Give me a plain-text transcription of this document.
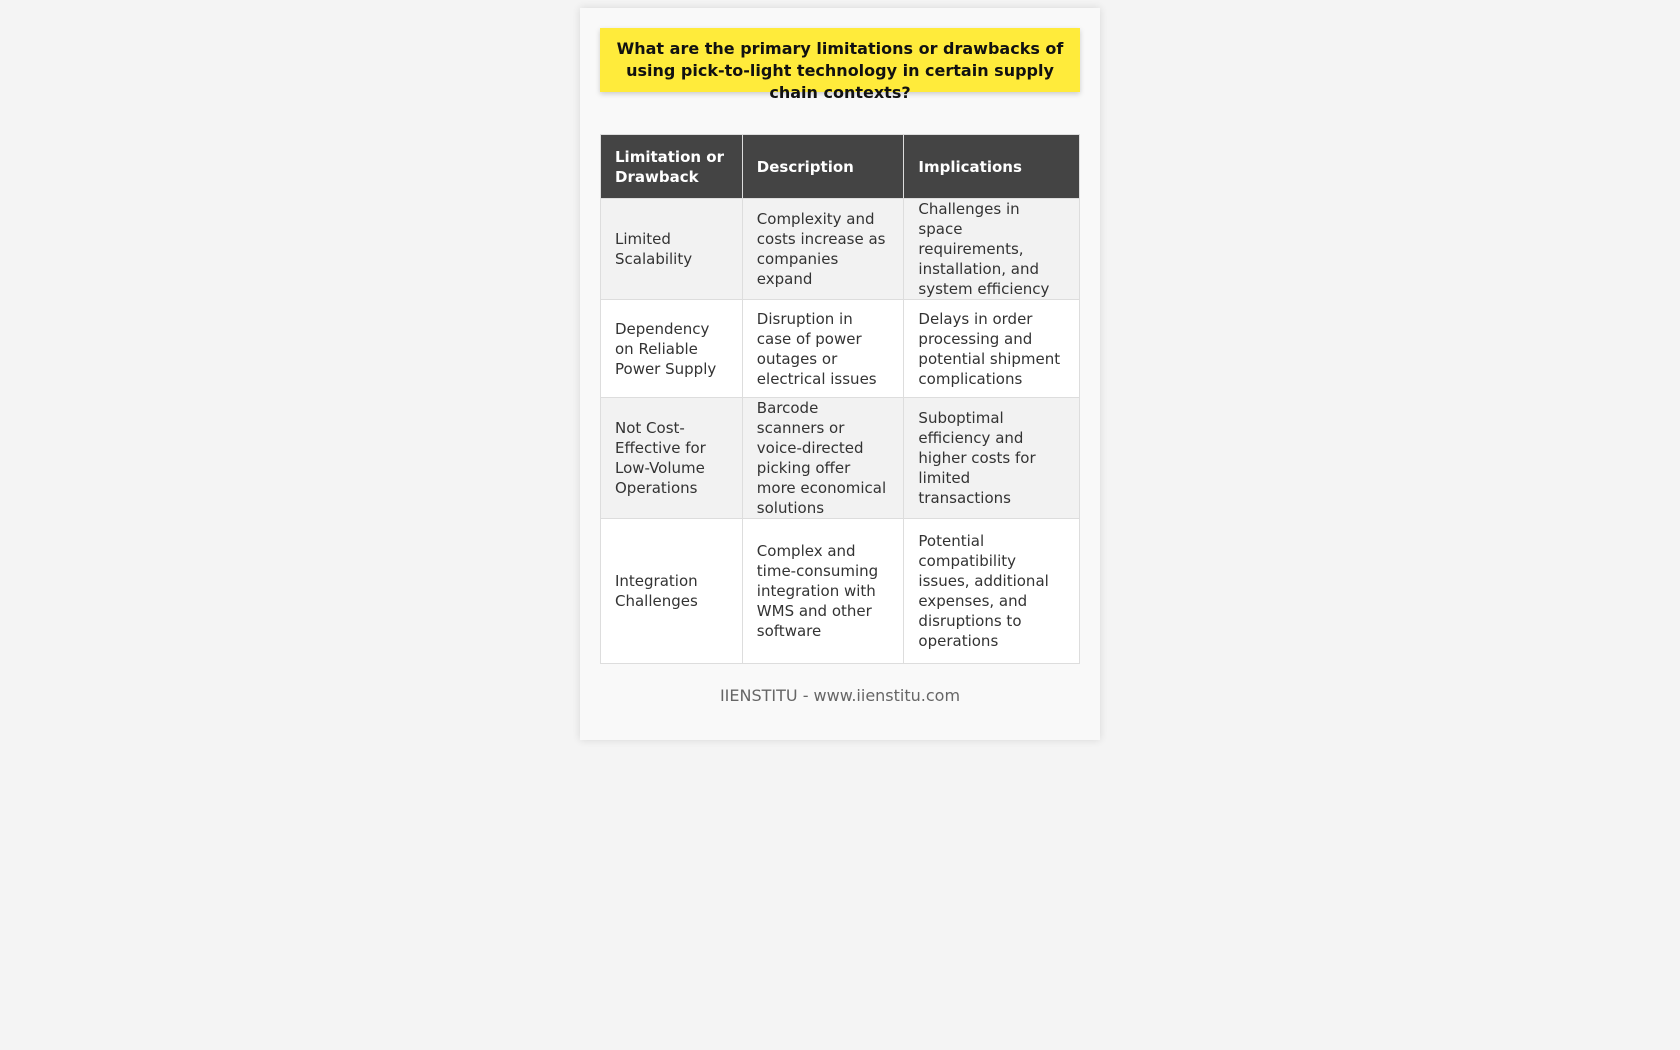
What are the primary limitations or drawbacks of using pick-to-light technology in certain supply chain contexts?
Limitation or Drawback	Description	Implications
Limited Scalability	Complexity and costs increase as companies expand	Challenges in space requirements, installation, and system efficiency
Dependency on Reliable Power Supply	Disruption in case of power outages or electrical issues	Delays in order processing and potential shipment complications
Not Cost-Effective for Low-Volume Operations	Barcode scanners or voice-directed picking offer more economical solutions	Suboptimal efficiency and higher costs for limited transactions
Integration Challenges	Complex and time-consuming integration with WMS and other software	Potential compatibility issues, additional expenses, and disruptions to operations
IIENSTITU - www.iienstitu.com
